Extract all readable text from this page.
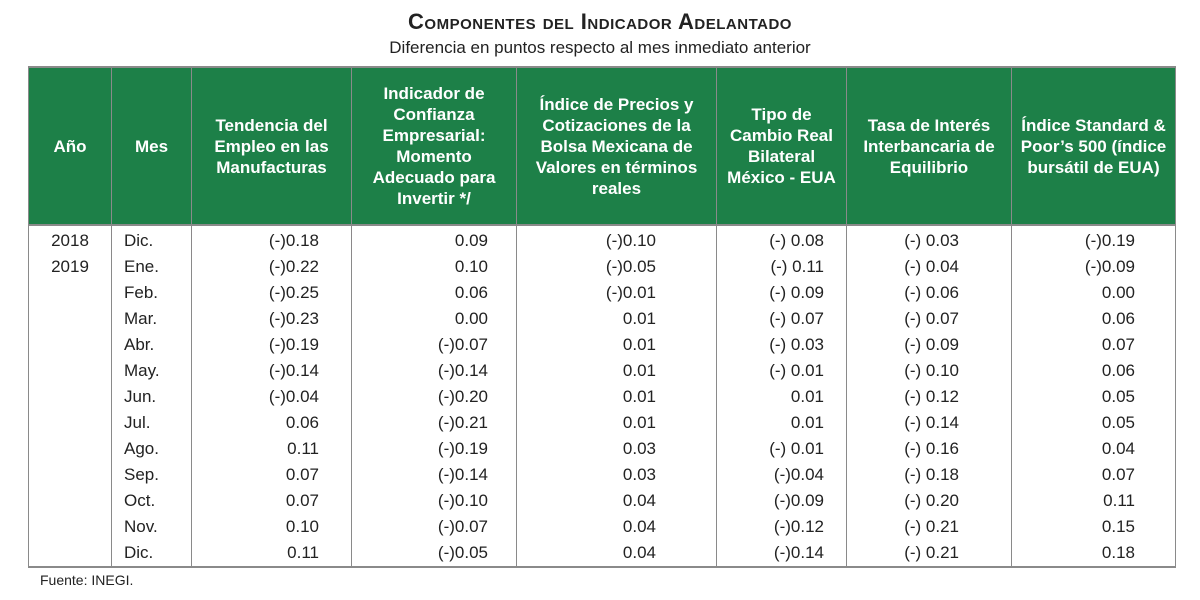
Componentes del Indicador Adelantado
Diferencia en puntos respecto al mes inmediato anterior
Año	Mes	Tendencia del Empleo en las Manufacturas	Indicador de Confianza Empresarial: Momento Adecuado para Invertir */	Índice de Precios y Cotizaciones de la Bolsa Mexicana de Valores en términos reales	Tipo de Cambio Real Bilateral México - EUA	Tasa de Interés Interbancaria de Equilibrio	Índice Standard & Poor’s 500 (índice bursátil de EUA)
2018	Dic.	(-)0.18	0.09	(-)0.10	(-) 0.08	(-) 0.03	(-)0.19
2019	Ene.	(-)0.22	0.10	(-)0.05	(-) 0.11	(-) 0.04	(-)0.09
	Feb.	(-)0.25	0.06	(-)0.01	(-) 0.09	(-) 0.06	0.00
	Mar.	(-)0.23	0.00	0.01	(-) 0.07	(-) 0.07	0.06
	Abr.	(-)0.19	(-)0.07	0.01	(-) 0.03	(-) 0.09	0.07
	May.	(-)0.14	(-)0.14	0.01	(-) 0.01	(-) 0.10	0.06
	Jun.	(-)0.04	(-)0.20	0.01	0.01	(-) 0.12	0.05
	Jul.	0.06	(-)0.21	0.01	0.01	(-) 0.14	0.05
	Ago.	0.11	(-)0.19	0.03	(-) 0.01	(-) 0.16	0.04
	Sep.	0.07	(-)0.14	0.03	(-)0.04	(-) 0.18	0.07
	Oct.	0.07	(-)0.10	0.04	(-)0.09	(-) 0.20	0.11
	Nov.	0.10	(-)0.07	0.04	(-)0.12	(-) 0.21	0.15
	Dic.	0.11	(-)0.05	0.04	(-)0.14	(-) 0.21	0.18
Fuente: INEGI.
